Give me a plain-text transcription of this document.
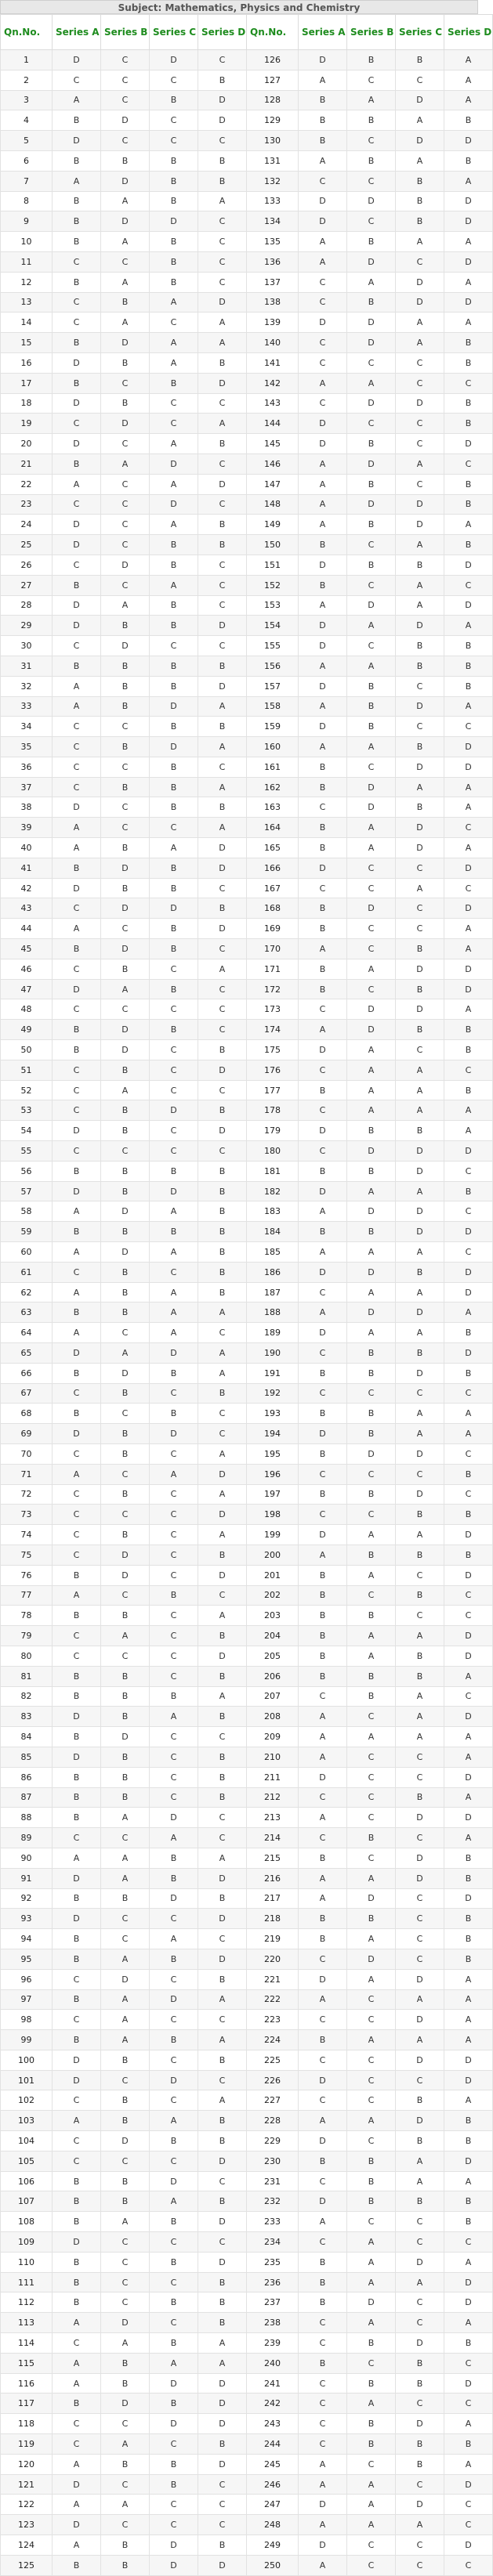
Subject: Mathematics, Physics and Chemistry
Qn.No.	Series A	Series B	Series C	Series D	Qn.No.	Series A	Series B	Series C	Series D
1	D	C	D	C	126	D	B	B	A
2	C	C	C	B	127	A	C	C	A
3	A	C	B	D	128	B	A	D	A
4	B	D	C	D	129	B	B	A	B
5	D	C	C	C	130	B	C	D	D
6	B	B	B	B	131	A	B	A	B
7	A	D	B	B	132	C	C	B	A
8	B	A	B	A	133	D	D	B	D
9	B	D	D	C	134	D	C	B	D
10	B	A	B	C	135	A	B	A	A
11	C	C	B	C	136	A	D	C	D
12	B	A	B	C	137	C	A	D	A
13	C	B	A	D	138	C	B	D	D
14	C	A	C	A	139	D	D	A	A
15	B	D	A	A	140	C	D	A	B
16	D	B	A	B	141	C	C	C	B
17	B	C	B	D	142	A	A	C	C
18	D	B	C	C	143	C	D	D	B
19	C	D	C	A	144	D	C	C	B
20	D	C	A	B	145	D	B	C	D
21	B	A	D	C	146	A	D	A	C
22	A	C	A	D	147	A	B	C	B
23	C	C	D	C	148	A	D	D	B
24	D	C	A	B	149	A	B	D	A
25	D	C	B	B	150	B	C	A	B
26	C	D	B	C	151	D	B	B	D
27	B	C	A	C	152	B	C	A	C
28	D	A	B	C	153	A	D	A	D
29	D	B	B	D	154	D	A	D	A
30	C	D	C	C	155	D	C	B	B
31	B	B	B	B	156	A	A	B	B
32	A	B	B	D	157	D	B	C	B
33	A	B	D	A	158	A	B	D	A
34	C	C	B	B	159	D	B	C	C
35	C	B	D	A	160	A	A	B	D
36	C	C	B	C	161	B	C	D	D
37	C	B	B	A	162	B	D	A	A
38	D	C	B	B	163	C	D	B	A
39	A	C	C	A	164	B	A	D	C
40	A	B	A	D	165	B	A	D	A
41	B	D	B	D	166	D	C	C	D
42	D	B	B	C	167	C	C	A	C
43	C	D	D	B	168	B	D	C	D
44	A	C	B	D	169	B	C	C	A
45	B	D	B	C	170	A	C	B	A
46	C	B	C	A	171	B	A	D	D
47	D	A	B	C	172	B	C	B	D
48	C	C	C	C	173	C	D	D	A
49	B	D	B	C	174	A	D	B	B
50	B	D	C	B	175	D	A	C	B
51	C	B	C	D	176	C	A	A	C
52	C	A	C	C	177	B	A	A	B
53	C	B	D	B	178	C	A	A	A
54	D	B	C	D	179	D	B	B	A
55	C	C	C	C	180	C	D	D	D
56	B	B	B	B	181	B	B	D	C
57	D	B	D	B	182	D	A	A	B
58	A	D	A	B	183	A	D	D	C
59	B	B	B	B	184	B	B	D	D
60	A	D	A	B	185	A	A	A	C
61	C	B	C	B	186	D	D	B	D
62	A	B	A	B	187	C	A	A	D
63	B	B	A	A	188	A	D	D	A
64	A	C	A	C	189	D	A	A	B
65	D	A	D	A	190	C	B	B	D
66	B	D	B	A	191	B	B	D	B
67	C	B	C	B	192	C	C	C	C
68	B	C	B	C	193	B	B	A	A
69	D	B	D	C	194	D	B	A	A
70	C	B	C	A	195	B	D	D	C
71	A	C	A	D	196	C	C	C	B
72	C	B	C	A	197	B	B	D	C
73	C	C	C	D	198	C	C	B	B
74	C	B	C	A	199	D	A	A	D
75	C	D	C	B	200	A	B	B	B
76	B	D	C	D	201	B	A	C	D
77	A	C	B	C	202	B	C	B	C
78	B	B	C	A	203	B	B	C	C
79	C	A	C	B	204	B	A	A	D
80	C	C	C	D	205	B	A	B	D
81	B	B	C	B	206	B	B	B	A
82	B	B	B	A	207	C	B	A	C
83	D	B	A	B	208	A	C	A	D
84	B	D	C	C	209	A	A	A	A
85	D	B	C	B	210	A	C	C	A
86	B	B	C	B	211	D	C	C	D
87	B	B	C	B	212	C	C	B	A
88	B	A	D	C	213	A	C	D	D
89	C	C	A	C	214	C	B	C	A
90	A	A	B	A	215	B	C	D	B
91	D	A	B	D	216	A	A	D	B
92	B	B	D	B	217	A	D	C	D
93	D	C	C	D	218	B	B	C	B
94	B	C	A	C	219	B	A	C	B
95	B	A	B	D	220	C	D	C	B
96	C	D	C	B	221	D	A	D	A
97	B	A	D	A	222	A	C	A	A
98	C	A	C	C	223	C	C	D	A
99	B	A	B	A	224	B	A	A	A
100	D	B	C	B	225	C	C	D	D
101	D	C	D	C	226	D	C	C	D
102	C	B	C	A	227	C	C	B	A
103	A	B	A	B	228	A	A	D	B
104	C	D	B	B	229	D	C	B	B
105	C	C	C	D	230	B	B	A	D
106	B	B	D	C	231	C	B	A	A
107	B	B	A	B	232	D	B	B	B
108	B	A	B	D	233	A	C	C	B
109	D	C	C	C	234	C	A	C	C
110	B	C	B	D	235	B	A	D	A
111	B	C	C	B	236	B	A	A	D
112	B	C	B	B	237	B	D	C	D
113	A	D	C	B	238	C	A	C	A
114	C	A	B	A	239	C	B	D	B
115	A	B	A	A	240	B	C	B	C
116	A	B	D	D	241	C	B	B	D
117	B	D	B	D	242	C	A	C	C
118	C	C	D	D	243	C	B	D	A
119	C	A	C	B	244	C	B	B	B
120	A	B	B	D	245	A	C	B	A
121	D	C	B	C	246	A	A	C	D
122	A	A	C	C	247	D	A	D	C
123	D	C	C	C	248	A	A	A	C
124	A	B	D	B	249	D	C	C	D
125	B	B	D	D	250	A	C	C	C
